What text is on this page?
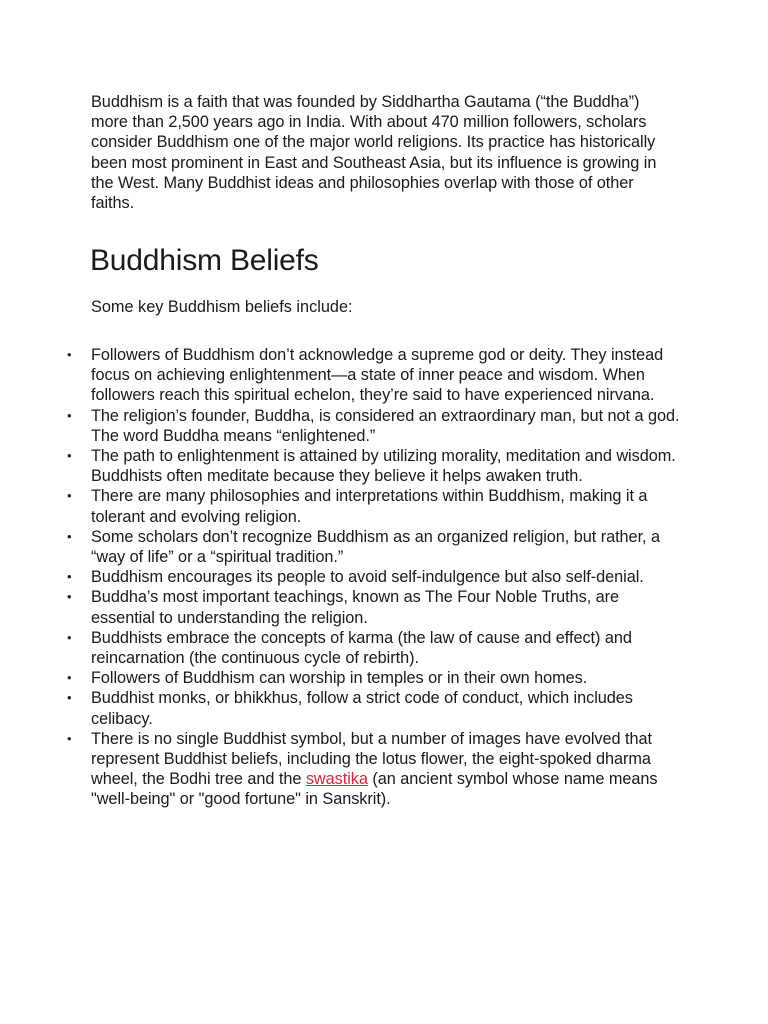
Buddhism is a faith that was founded by Siddhartha Gautama (“the Buddha”) more than 2,500 years ago in India. With about 470 million followers, scholars consider Buddhism one of the major world religions. Its practice has historically been most prominent in East and Southeast Asia, but its influence is growing in the West. Many Buddhist ideas and philosophies overlap with those of other faiths.

Buddhism Beliefs

Some key Buddhism beliefs include:

• Followers of Buddhism don’t acknowledge a supreme god or deity. They instead focus on achieving enlightenment—a state of inner peace and wisdom. When followers reach this spiritual echelon, they’re said to have experienced nirvana.
• The religion’s founder, Buddha, is considered an extraordinary man, but not a god. The word Buddha means “enlightened.”
• The path to enlightenment is attained by utilizing morality, meditation and wisdom. Buddhists often meditate because they believe it helps awaken truth.
• There are many philosophies and interpretations within Buddhism, making it a tolerant and evolving religion.
• Some scholars don’t recognize Buddhism as an organized religion, but rather, a “way of life” or a “spiritual tradition.”
• Buddhism encourages its people to avoid self-indulgence but also self-denial.
• Buddha’s most important teachings, known as The Four Noble Truths, are essential to understanding the religion.
• Buddhists embrace the concepts of karma (the law of cause and effect) and reincarnation (the continuous cycle of rebirth).
• Followers of Buddhism can worship in temples or in their own homes.
• Buddhist monks, or bhikkhus, follow a strict code of conduct, which includes celibacy.
• There is no single Buddhist symbol, but a number of images have evolved that represent Buddhist beliefs, including the lotus flower, the eight-spoked dharma wheel, the Bodhi tree and the swastika (an ancient symbol whose name means "well-being" or "good fortune" in Sanskrit).
